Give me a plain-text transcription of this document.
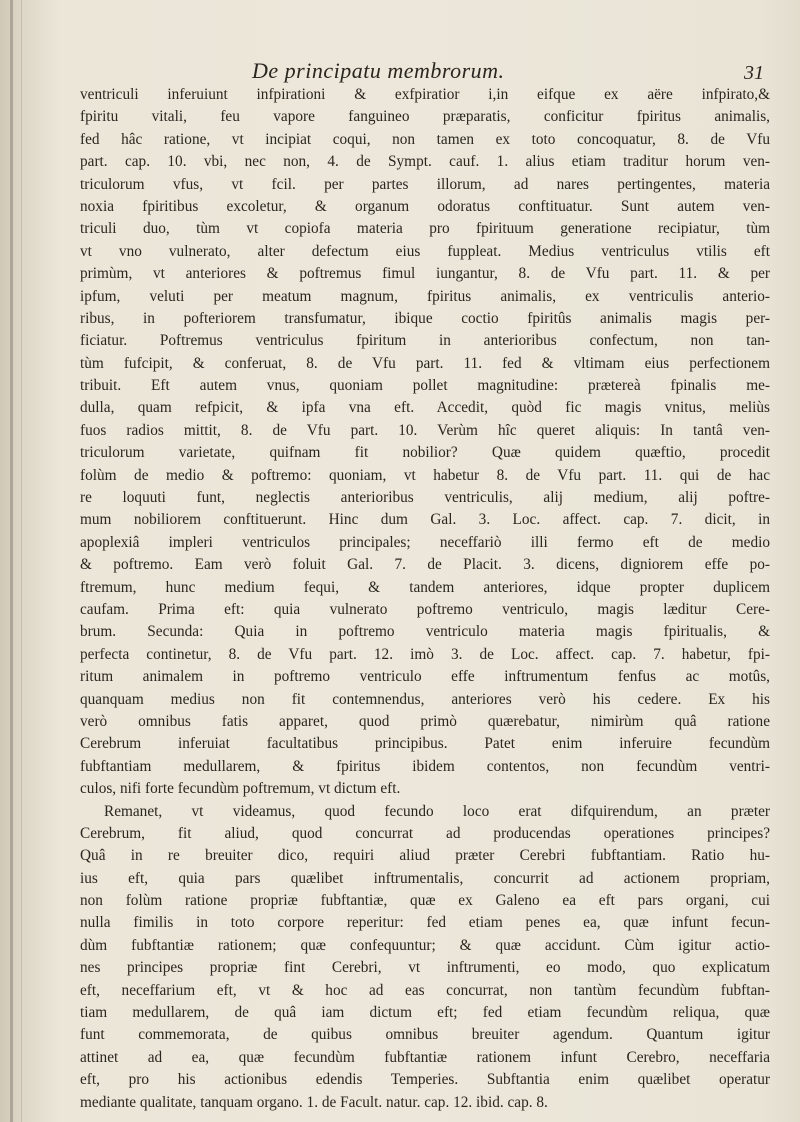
De principatu membrorum.	31
ventriculi inferuiunt infpirationi & exfpiratior i,in eifque ex aëre infpirato,&
fpiritu vitali, feu vapore fanguineo præparatis, conficitur fpiritus animalis,
fed hâc ratione, vt incipiat coqui, non tamen ex toto concoquatur, 8. de Vfu
part. cap. 10. vbi, nec non, 4. de Sympt. cauf. 1. alius etiam traditur horum ven-
triculorum vfus, vt fcil. per partes illorum, ad nares pertingentes, materia
noxia fpiritibus excoletur, & organum odoratus conftituatur. Sunt autem ven-
triculi duo, tùm vt copiofa materia pro fpirituum generatione recipiatur, tùm
vt vno vulnerato, alter defectum eius fuppleat. Medius ventriculus vtilis eft
primùm, vt anteriores & poftremus fimul iungantur, 8. de Vfu part. 11. & per
ipfum, veluti per meatum magnum, fpiritus animalis, ex ventriculis anterio-
ribus, in pofteriorem transfumatur, ibique coctio fpiritûs animalis magis per-
ficiatur. Poftremus ventriculus fpiritum in anterioribus confectum, non tan-
tùm fufcipit, & conferuat, 8. de Vfu part. 11. fed & vltimam eius perfectionem
tribuit. Eft autem vnus, quoniam pollet magnitudine: prætereà fpinalis me-
dulla, quam refpicit, & ipfa vna eft. Accedit, quòd fic magis vnitus, meliùs
fuos radios mittit, 8. de Vfu part. 10. Verùm hîc queret aliquis: In tantâ ven-
triculorum varietate, quifnam fit nobilior? Quæ quidem quæftio, procedit
folùm de medio & poftremo: quoniam, vt habetur 8. de Vfu part. 11. qui de hac
re loquuti funt, neglectis anterioribus ventriculis, alij medium, alij poftre-
mum nobiliorem conftituerunt. Hinc dum Gal. 3. Loc. affect. cap. 7. dicit, in
apoplexiâ impleri ventriculos principales; neceffariò illi fermo eft de medio
& poftremo. Eam verò foluit Gal. 7. de Placit. 3. dicens, digniorem effe po-
ftremum, hunc medium fequi, & tandem anteriores, idque propter duplicem
caufam. Prima eft: quia vulnerato poftremo ventriculo, magis læditur Cere-
brum. Secunda: Quia in poftremo ventriculo materia magis fpiritualis, &
perfecta continetur, 8. de Vfu part. 12. imò 3. de Loc. affect. cap. 7. habetur, fpi-
ritum animalem in poftremo ventriculo effe inftrumentum fenfus ac motûs,
quanquam medius non fit contemnendus, anteriores verò his cedere. Ex his
verò omnibus fatis apparet, quod primò quærebatur, nimirùm quâ ratione
Cerebrum inferuiat facultatibus principibus. Patet enim inferuire fecundùm
fubftantiam medullarem, & fpiritus ibidem contentos, non fecundùm ventri-
culos, nifi forte fecundùm poftremum, vt dictum eft.
Remanet, vt videamus, quod fecundo loco erat difquirendum, an præter
Cerebrum, fit aliud, quod concurrat ad producendas operationes principes?
Quâ in re breuiter dico, requiri aliud præter Cerebri fubftantiam. Ratio hu-
ius eft, quia pars quælibet inftrumentalis, concurrit ad actionem propriam,
non folùm ratione propriæ fubftantiæ, quæ ex Galeno ea eft pars organi, cui
nulla fimilis in toto corpore reperitur: fed etiam penes ea, quæ infunt fecun-
dùm fubftantiæ rationem; quæ confequuntur; & quæ accidunt. Cùm igitur actio-
nes principes propriæ fint Cerebri, vt inftrumenti, eo modo, quo explicatum
eft, neceffarium eft, vt & hoc ad eas concurrat, non tantùm fecundùm fubftan-
tiam medullarem, de quâ iam dictum eft; fed etiam fecundùm reliqua, quæ
funt commemorata, de quibus omnibus breuiter agendum. Quantum igitur
attinet ad ea, quæ fecundùm fubftantiæ rationem infunt Cerebro, neceffaria
eft, pro his actionibus edendis Temperies. Subftantia enim quælibet operatur
mediante qualitate, tanquam organo. 1. de Facult. natur. cap. 12. ibid. cap. 8.
